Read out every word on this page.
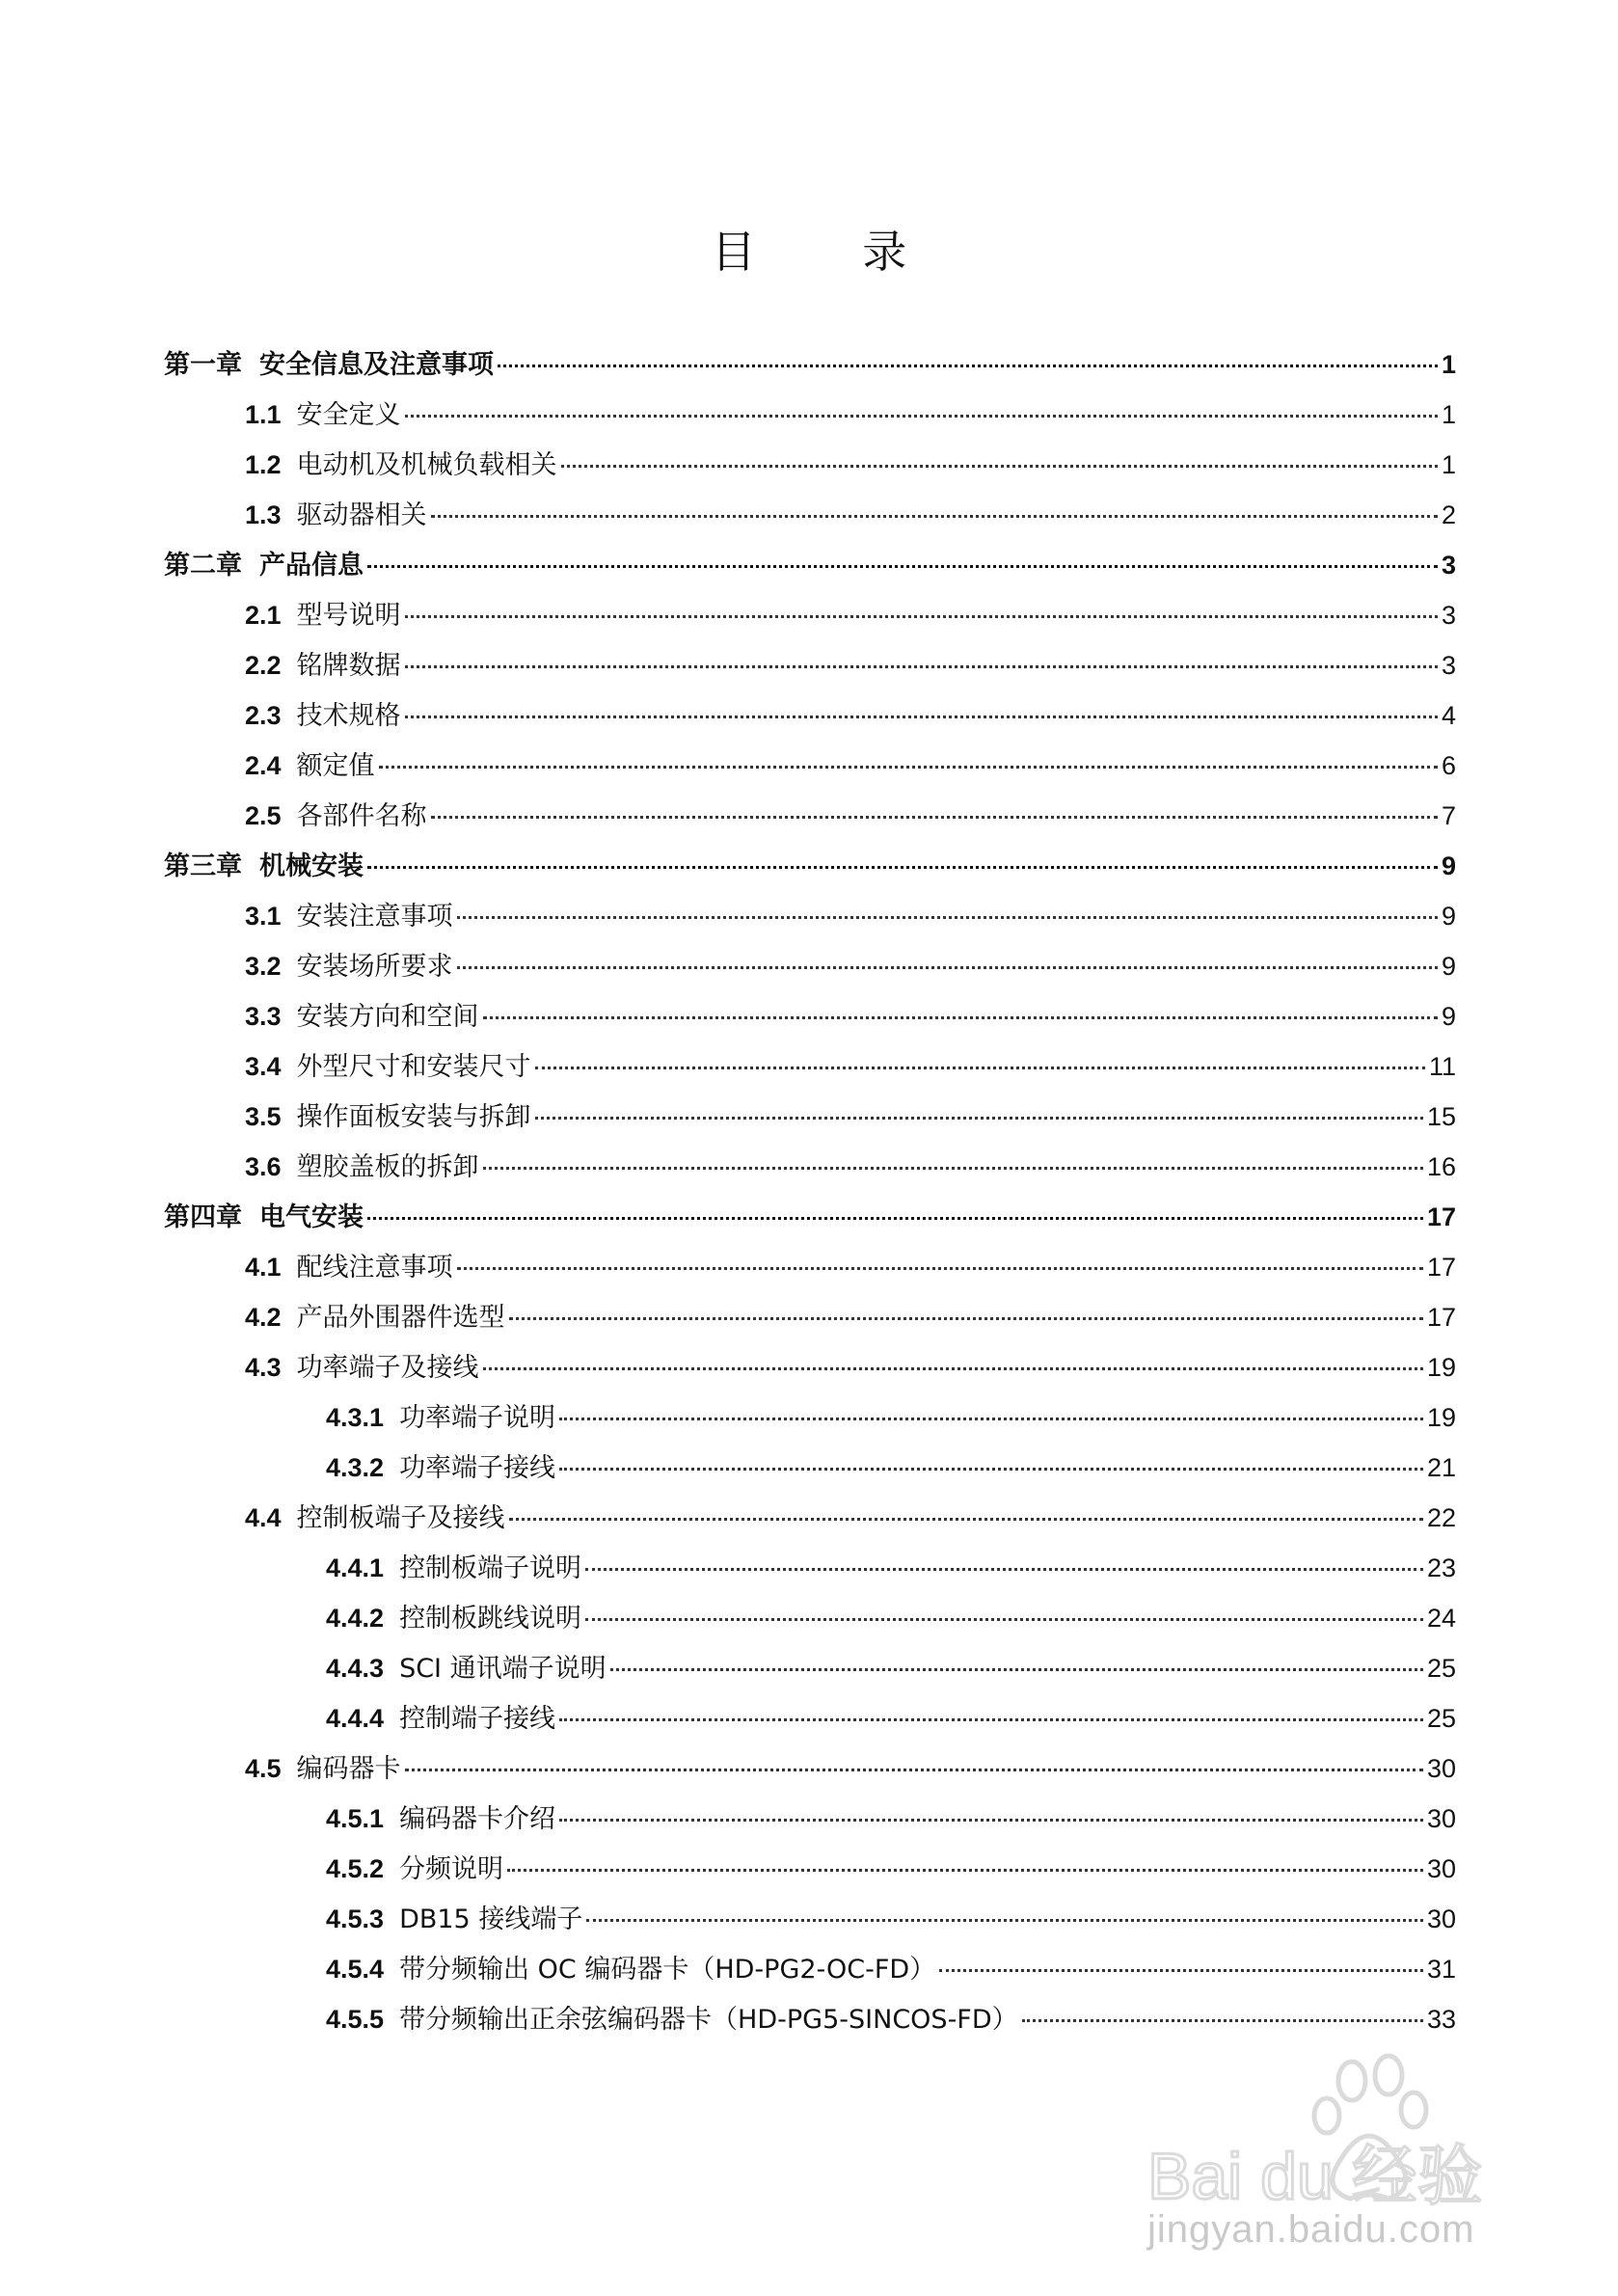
目 录
第一章 安全信息及注意事项	1
1.1 安全定义	1
1.2 电动机及机械负载相关	1
1.3 驱动器相关	2
第二章 产品信息	3
2.1 型号说明	3
2.2 铭牌数据	3
2.3 技术规格	4
2.4 额定值	6
2.5 各部件名称	7
第三章 机械安装	9
3.1 安装注意事项	9
3.2 安装场所要求	9
3.3 安装方向和空间	9
3.4 外型尺寸和安装尺寸	11
3.5 操作面板安装与拆卸	15
3.6 塑胶盖板的拆卸	16
第四章 电气安装	17
4.1 配线注意事项	17
4.2 产品外围器件选型	17
4.3 功率端子及接线	19
4.3.1 功率端子说明	19
4.3.2 功率端子接线	21
4.4 控制板端子及接线	22
4.4.1 控制板端子说明	23
4.4.2 控制板跳线说明	24
4.4.3 SCI 通讯端子说明	25
4.4.4 控制端子接线	25
4.5 编码器卡	30
4.5.1 编码器卡介绍	30
4.5.2 分频说明	30
4.5.3 DB15 接线端子	30
4.5.4 带分频输出 OC 编码器卡（HD-PG2-OC-FD）	31
4.5.5 带分频输出正余弦编码器卡（HD-PG5-SINCOS-FD）	33
Bai du 经验
jingyan.baidu.com
